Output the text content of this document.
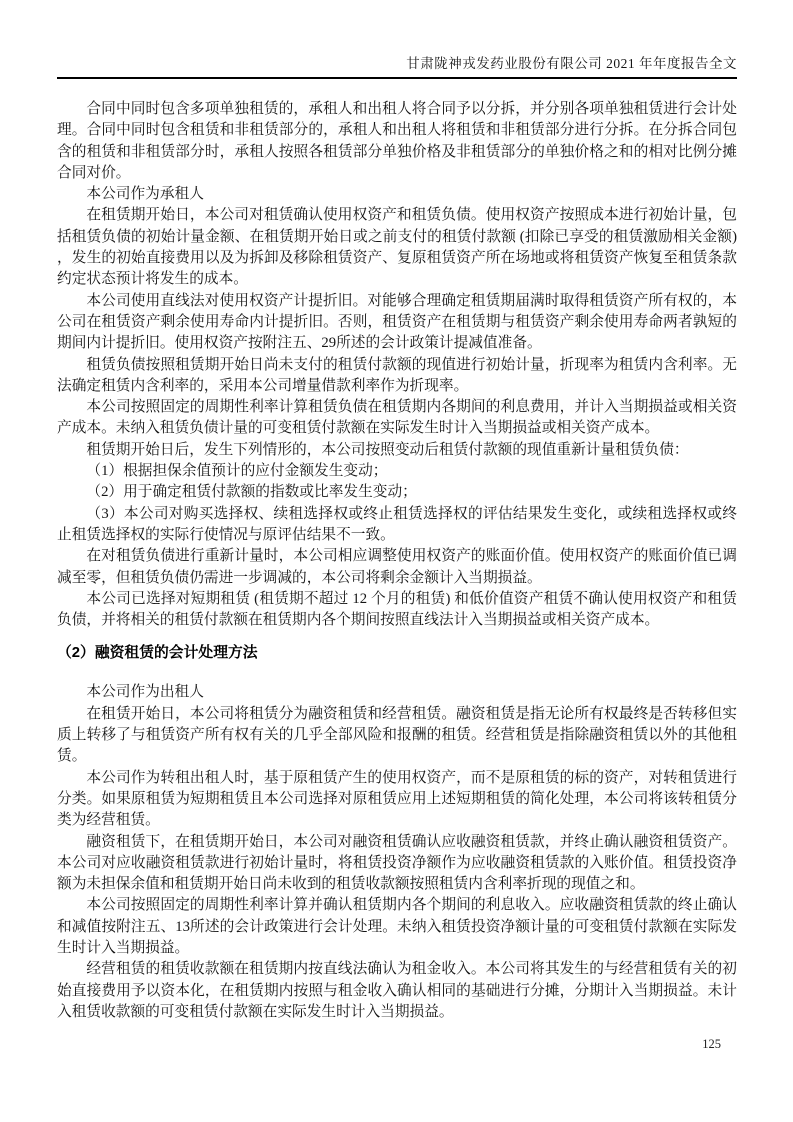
甘肃陇神戎发药业股份有限公司 2021 年年度报告全文

合同中同时包含多项单独租赁的，承租人和出租人将合同予以分拆，并分别各项单独租赁进行会计处理。合同中同时包含租赁和非租赁部分的，承租人和出租人将租赁和非租赁部分进行分拆。在分拆合同包含的租赁和非租赁部分时，承租人按照各租赁部分单独价格及非租赁部分的单独价格之和的相对比例分摊合同对价。

本公司作为承租人

在租赁期开始日，本公司对租赁确认使用权资产和租赁负债。使用权资产按照成本进行初始计量，包括租赁负债的初始计量金额、在租赁期开始日或之前支付的租赁付款额 (扣除已享受的租赁激励相关金额) ，发生的初始直接费用以及为拆卸及移除租赁资产、复原租赁资产所在场地或将租赁资产恢复至租赁条款约定状态预计将发生的成本。

本公司使用直线法对使用权资产计提折旧。对能够合理确定租赁期届满时取得租赁资产所有权的，本公司在租赁资产剩余使用寿命内计提折旧。否则，租赁资产在租赁期与租赁资产剩余使用寿命两者孰短的期间内计提折旧。使用权资产按附注五、29所述的会计政策计提减值准备。

租赁负债按照租赁期开始日尚未支付的租赁付款额的现值进行初始计量，折现率为租赁内含利率。无法确定租赁内含利率的，采用本公司增量借款利率作为折现率。

本公司按照固定的周期性利率计算租赁负债在租赁期内各期间的利息费用，并计入当期损益或相关资产成本。未纳入租赁负债计量的可变租赁付款额在实际发生时计入当期损益或相关资产成本。

租赁期开始日后，发生下列情形的，本公司按照变动后租赁付款额的现值重新计量租赁负债：

（1）根据担保余值预计的应付金额发生变动；

（2）用于确定租赁付款额的指数或比率发生变动；

（3）本公司对购买选择权、续租选择权或终止租赁选择权的评估结果发生变化，或续租选择权或终止租赁选择权的实际行使情况与原评估结果不一致。

在对租赁负债进行重新计量时，本公司相应调整使用权资产的账面价值。使用权资产的账面价值已调减至零，但租赁负债仍需进一步调减的，本公司将剩余金额计入当期损益。

本公司已选择对短期租赁 (租赁期不超过 12 个月的租赁) 和低价值资产租赁不确认使用权资产和租赁负债，并将相关的租赁付款额在租赁期内各个期间按照直线法计入当期损益或相关资产成本。

（2）融资租赁的会计处理方法

本公司作为出租人

在租赁开始日，本公司将租赁分为融资租赁和经营租赁。融资租赁是指无论所有权最终是否转移但实质上转移了与租赁资产所有权有关的几乎全部风险和报酬的租赁。经营租赁是指除融资租赁以外的其他租赁。

本公司作为转租出租人时，基于原租赁产生的使用权资产，而不是原租赁的标的资产，对转租赁进行分类。如果原租赁为短期租赁且本公司选择对原租赁应用上述短期租赁的简化处理，本公司将该转租赁分类为经营租赁。

融资租赁下，在租赁期开始日，本公司对融资租赁确认应收融资租赁款，并终止确认融资租赁资产。本公司对应收融资租赁款进行初始计量时，将租赁投资净额作为应收融资租赁款的入账价值。租赁投资净额为未担保余值和租赁期开始日尚未收到的租赁收款额按照租赁内含利率折现的现值之和。

本公司按照固定的周期性利率计算并确认租赁期内各个期间的利息收入。应收融资租赁款的终止确认和减值按附注五、13所述的会计政策进行会计处理。未纳入租赁投资净额计量的可变租赁付款额在实际发生时计入当期损益。

经营租赁的租赁收款额在租赁期内按直线法确认为租金收入。本公司将其发生的与经营租赁有关的初始直接费用予以资本化，在租赁期内按照与租金收入确认相同的基础进行分摊，分期计入当期损益。未计入租赁收款额的可变租赁付款额在实际发生时计入当期损益。

125
